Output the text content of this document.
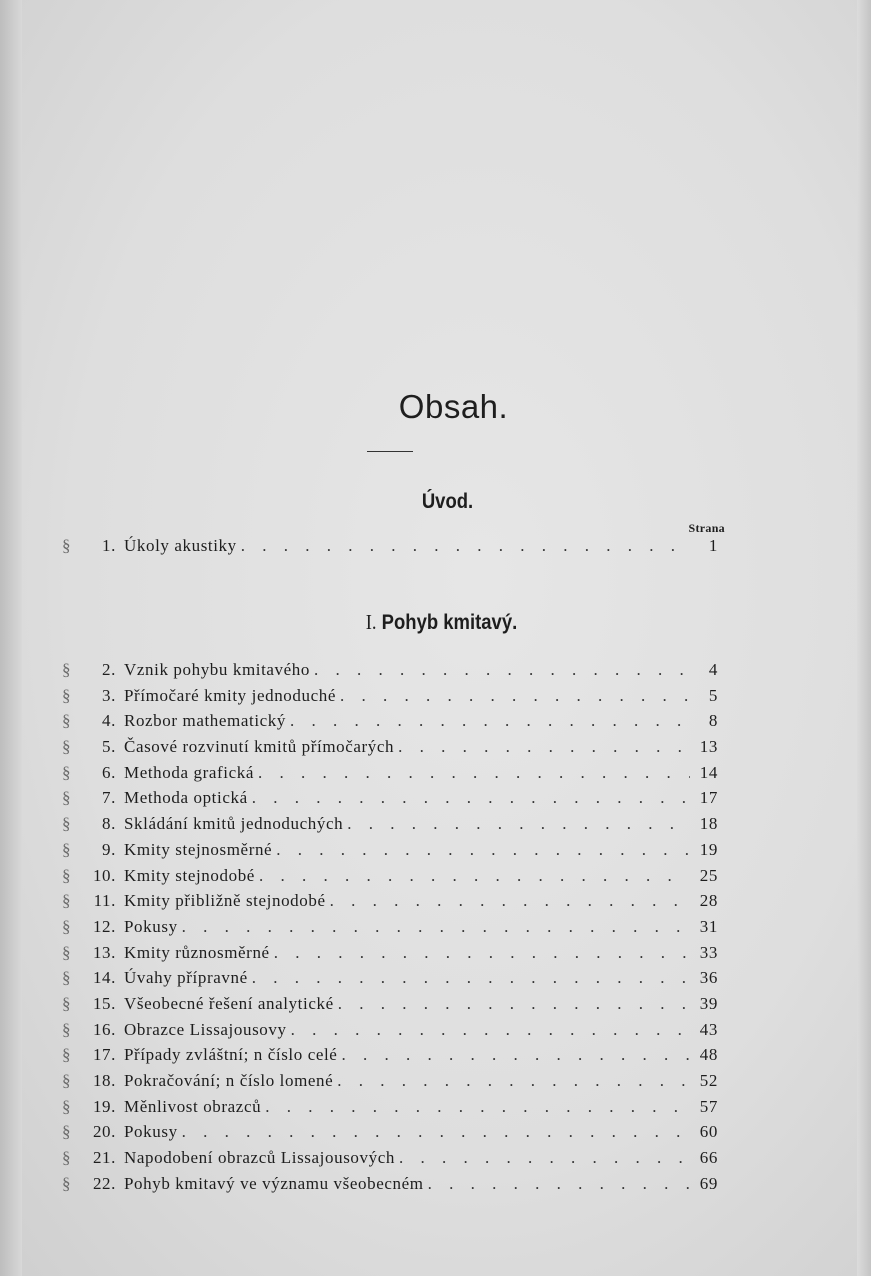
Obsah.
Úvod.
Strana
§	1. Úkoly akustiky . . .	1
I. Pohyb kmitavý.
§	2. Vznik pohybu kmitavého . . .	4
§	3. Přímočaré kmity jednoduché . . .	5
§	4. Rozbor mathematický . . .	8
§	5. Časové rozvinutí kmitů přímočarých . . .	13
§	6. Methoda grafická . . .	14
§	7. Methoda optická . . .	17
§	8. Skládání kmitů jednoduchých . . .	18
§	9. Kmity stejnosměrné . . .	19
§	10. Kmity stejnodobé . . .	25
§	11. Kmity přibližně stejnodobé . . .	28
§	12. Pokusy . . .	31
§	13. Kmity různosměrné . . .	33
§	14. Úvahy přípravné . . .	36
§	15. Všeobecné řešení analytické . . .	39
§	16. Obrazce Lissajousovy . . .	43
§	17. Případy zvláštní; n číslo celé . . .	48
§	18. Pokračování; n číslo lomené . . .	52
§	19. Měnlivost obrazců . . .	57
§	20. Pokusy . . .	60
§	21. Napodobení obrazců Lissajousových . . .	66
§	22. Pohyb kmitavý ve významu všeobecném . . .	69
